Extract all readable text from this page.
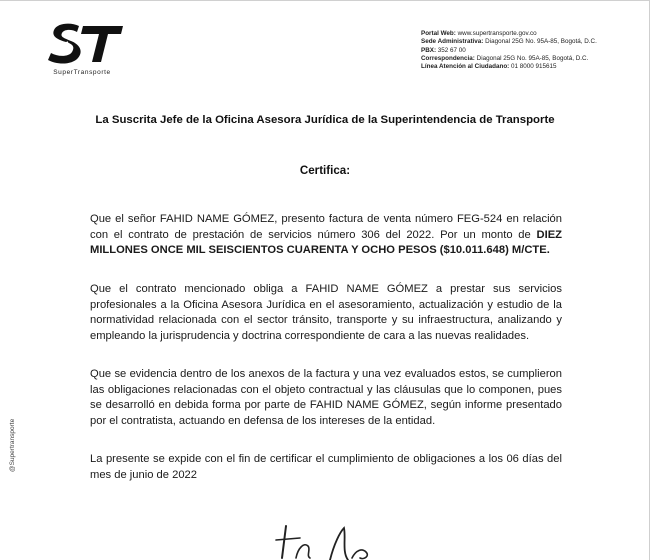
SuperTransporte
Portal Web: www.supertransporte.gov.co
Sede Administrativa: Diagonal 25G No. 95A-85, Bogotá, D.C.
PBX: 352 67 00
Correspondencia: Diagonal 25G No. 95A-85, Bogotá, D.C.
Línea Atención al Ciudadano: 01 8000 915615
@Supertransporte
La Suscrita Jefe de la Oficina Asesora Jurídica de la Superintendencia de Transporte
Certifica:
Que el señor FAHID NAME GÓMEZ, presento factura de venta número FEG-524 en relación con el contrato de prestación de servicios número 306 del 2022. Por un monto de DIEZ MILLONES ONCE MIL SEISCIENTOS CUARENTA Y OCHO PESOS ($10.011.648) M/CTE.
Que el contrato mencionado obliga a FAHID NAME GÓMEZ a prestar sus servicios profesionales a la Oficina Asesora Jurídica en el asesoramiento, actualización y estudio de la normatividad relacionada con el sector tránsito, transporte y su infraestructura, analizando y empleando la jurisprudencia y doctrina correspondiente de cara a las nuevas realidades.
Que se evidencia dentro de los anexos de la factura y una vez evaluados estos, se cumplieron las obligaciones relacionadas con el objeto contractual y las cláusulas que lo componen, pues se desarrolló en debida forma por parte de FAHID NAME GÓMEZ, según informe presentado por el contratista, actuando en defensa de los intereses de la entidad.
La presente se expide con el fin de certificar el cumplimiento de obligaciones a los 06 días del mes de junio de 2022
